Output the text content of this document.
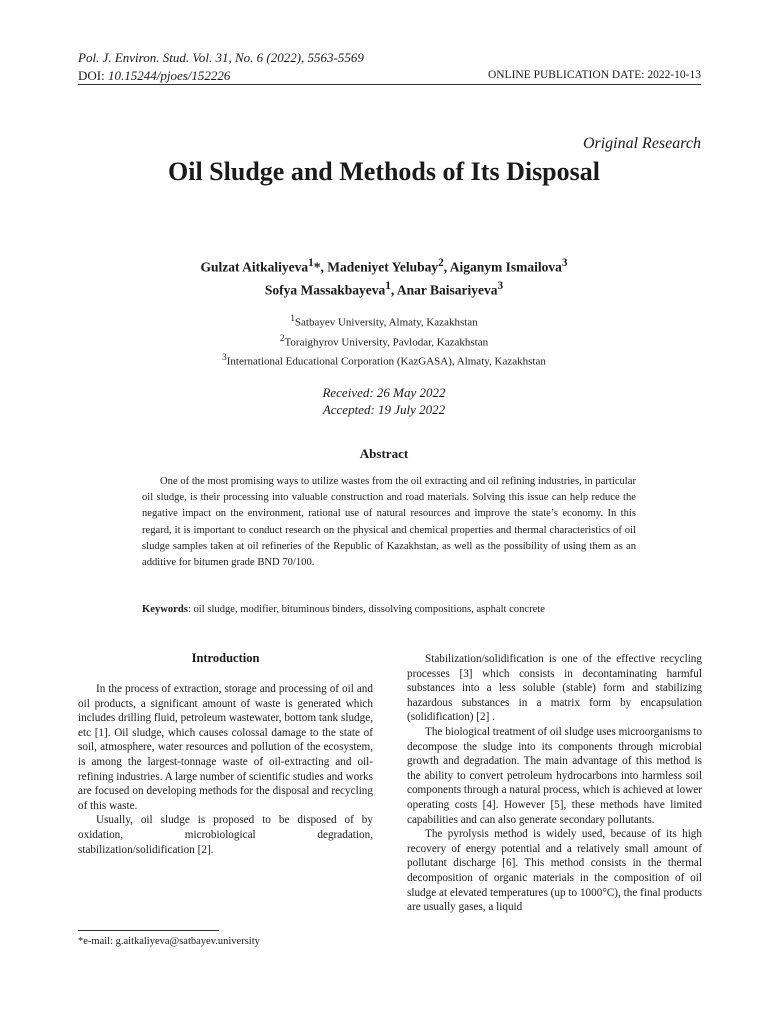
Pol. J. Environ. Stud. Vol. 31, No. 6 (2022), 5563-5569
DOI: 10.15244/pjoes/152226	ONLINE PUBLICATION DATE: 2022-10-13
Original Research
Oil Sludge and Methods of Its Disposal
Gulzat Aitkaliyeva$^1$*, Madeniyet Yelubay$^2$, Aiganym Ismailova$^3$
Sofya Massakbayeva$^1$, Anar Baisariyeva$^3$
$^1$Satbayev University, Almaty, Kazakhstan
$^2$Toraighyrov University, Pavlodar, Kazakhstan
$^3$International Educational Corporation (KazGASA), Almaty, Kazakhstan
Received: 26 May 2022
Accepted: 19 July 2022
Abstract
One of the most promising ways to utilize wastes from the oil extracting and oil refining industries, in particular oil sludge, is their processing into valuable construction and road materials. Solving this issue can help reduce the negative impact on the environment, rational use of natural resources and improve the state’s economy. In this regard, it is important to conduct research on the physical and chemical properties and thermal characteristics of oil sludge samples taken at oil refineries of the Republic of Kazakhstan, as well as the possibility of using them as an additive for bitumen grade BND 70/100.
Keywords: oil sludge, modifier, bituminous binders, dissolving compositions, asphalt concrete
Introduction

In the process of extraction, storage and processing of oil and oil products, a significant amount of waste is generated which includes drilling fluid, petroleum wastewater, bottom tank sludge, etc [1]. Oil sludge, which causes colossal damage to the state of soil, atmosphere, water resources and pollution of the ecosystem, is among the largest-tonnage waste of oil-extracting and oil-refining industries. A large number of scientific studies and works are focused on developing methods for the disposal and recycling of this waste.

Usually, oil sludge is proposed to be disposed of by oxidation, microbiological degradation, stabilization/solidification [2].

Stabilization/solidification is one of the effective recycling processes [3] which consists in decontaminating harmful substances into a less soluble (stable) form and stabilizing hazardous substances in a matrix form by encapsulation (solidification) [2] .

The biological treatment of oil sludge uses microorganisms to decompose the sludge into its components through microbial growth and degradation. The main advantage of this method is the ability to convert petroleum hydrocarbons into harmless soil components through a natural process, which is achieved at lower operating costs [4]. However [5], these methods have limited capabilities and can also generate secondary pollutants.

The pyrolysis method is widely used, because of its high recovery of energy potential and a relatively small amount of pollutant discharge [6]. This method consists in the thermal decomposition of organic materials in the composition of oil sludge at elevated temperatures (up to 1000°C), the final products are usually gases, a liquid

*e-mail: g.aitkaliyeva@satbayev.university
